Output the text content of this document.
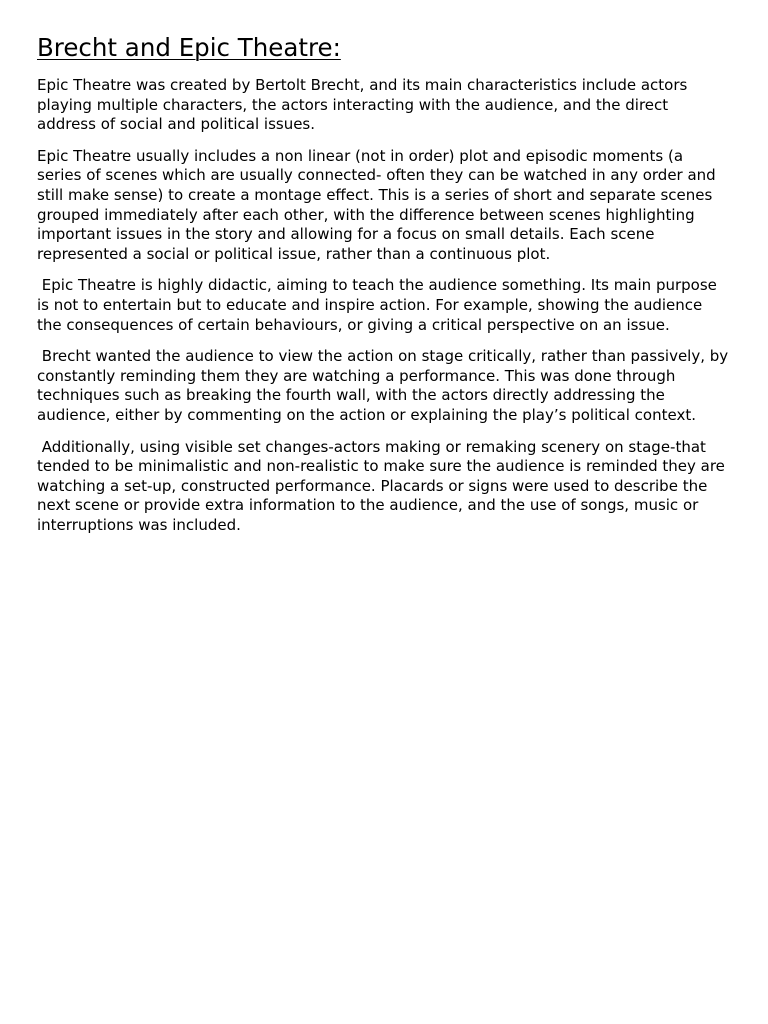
Brecht and Epic Theatre:

Epic Theatre was created by Bertolt Brecht, and its main characteristics include actors playing multiple characters, the actors interacting with the audience, and the direct address of social and political issues.

Epic Theatre usually includes a non linear (not in order) plot and episodic moments (a series of scenes which are usually connected- often they can be watched in any order and still make sense) to create a montage effect. This is a series of short and separate scenes grouped immediately after each other, with the difference between scenes highlighting important issues in the story and allowing for a focus on small details. Each scene represented a social or political issue, rather than a continuous plot.

Epic Theatre is highly didactic, aiming to teach the audience something. Its main purpose is not to entertain but to educate and inspire action. For example, showing the audience the consequences of certain behaviours, or giving a critical perspective on an issue.

Brecht wanted the audience to view the action on stage critically, rather than passively, by constantly reminding them they are watching a performance. This was done through techniques such as breaking the fourth wall, with the actors directly addressing the audience, either by commenting on the action or explaining the play’s political context.

Additionally, using visible set changes-actors making or remaking scenery on stage-that tended to be minimalistic and non-realistic to make sure the audience is reminded they are watching a set-up, constructed performance. Placards or signs were used to describe the next scene or provide extra information to the audience, and the use of songs, music or interruptions was included.
